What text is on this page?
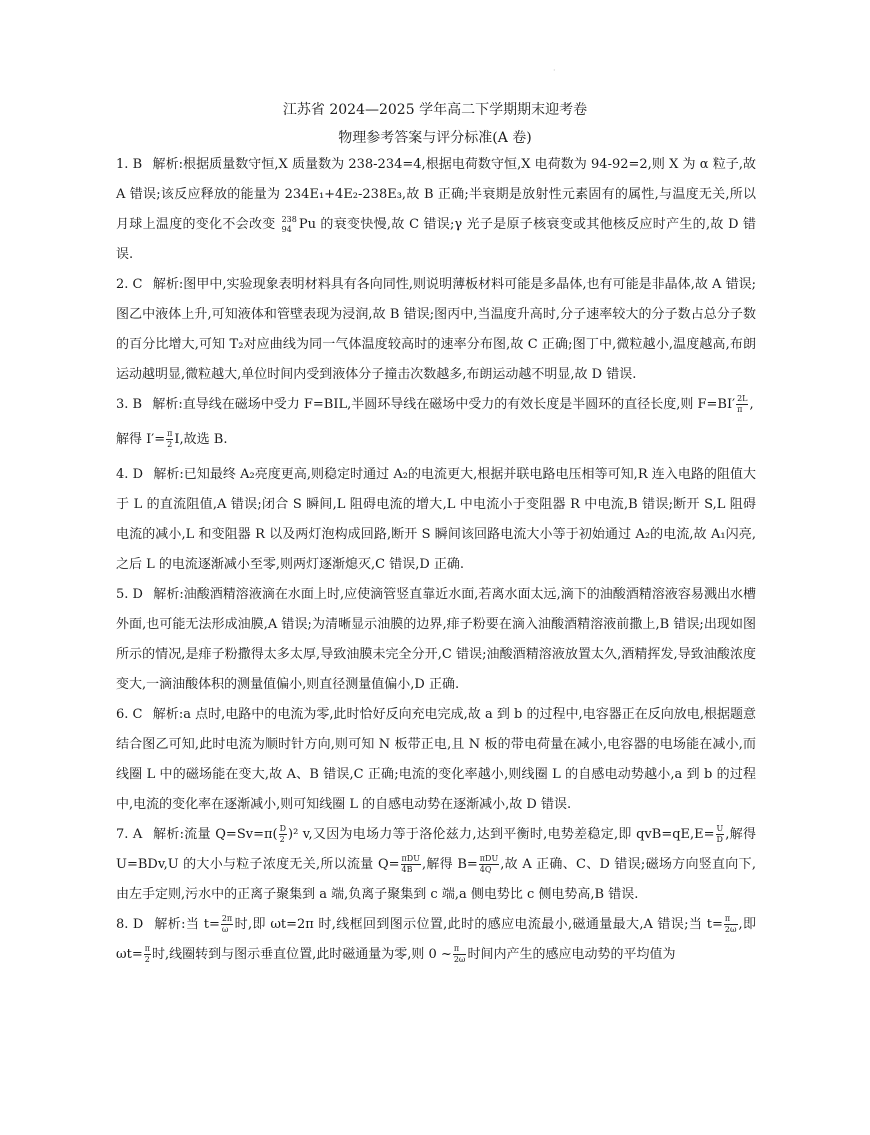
·
江苏省 2024—2025 学年高二下学期期末迎考卷
物理参考答案与评分标准(A 卷)
1. B 解析:根据质量数守恒,X 质量数为 238-234=4,根据电荷数守恒,X 电荷数为 94-92=2,则 X 为 α 粒子,故 A 错误;该反应释放的能量为 234E₁+4E₂-238E₃,故 B 正确;半衰期是放射性元素固有的属性,与温度无关,所以月球上温度的变化不会改变 238
94 Pu 的衰变快慢,故 C 错误;γ 光子是原子核衰变或其他核反应时产生的,故 D 错误.
2. C 解析:图甲中,实验现象表明材料具有各向同性,则说明薄板材料可能是多晶体,也有可能是非晶体,故 A 错误;图乙中液体上升,可知液体和管壁表现为浸润,故 B 错误;图丙中,当温度升高时,分子速率较大的分子数占总分子数的百分比增大,可知 T₂对应曲线为同一气体温度较高时的速率分布图,故 C 正确;图丁中,微粒越小,温度越高,布朗运动越明显,微粒越大,单位时间内受到液体分子撞击次数越多,布朗运动越不明显,故 D 错误.
3. B 解析:直导线在磁场中受力 F=BIL,半圆环导线在磁场中受力的有效长度是半圆环的直径长度,则 $F=BI' \frac{2L}{\pi}$ ,
解得 $I'= \frac{\pi}{2} I$,故选 B.
4. D 解析:已知最终 A₂亮度更高,则稳定时通过 A₂的电流更大,根据并联电路电压相等可知,R 连入电路的阻值大于 L 的直流阻值,A 错误;闭合 S 瞬间,L 阻碍电流的增大,L 中电流小于变阻器 R 中电流,B 错误;断开 S,L 阻碍电流的减小,L 和变阻器 R 以及两灯泡构成回路,断开 S 瞬间该回路电流大小等于初始通过 A₂的电流,故 A₁闪亮,之后 L 的电流逐渐减小至零,则两灯逐渐熄灭,C 错误,D 正确.
5. D 解析:油酸酒精溶液滴在水面上时,应使滴管竖直靠近水面,若离水面太远,滴下的油酸酒精溶液容易溅出水槽外面,也可能无法形成油膜,A 错误;为清晰显示油膜的边界,痱子粉要在滴入油酸酒精溶液前撒上,B 错误;出现如图所示的情况,是痱子粉撒得太多太厚,导致油膜未完全分开,C 错误;油酸酒精溶液放置太久,酒精挥发,导致油酸浓度变大,一滴油酸体积的测量值偏小,则直径测量值偏小,D 正确.
6. C 解析:a 点时,电路中的电流为零,此时恰好反向充电完成,故 a 到 b 的过程中,电容器正在反向放电,根据题意结合图乙可知,此时电流为顺时针方向,则可知 N 板带正电,且 N 板的带电荷量在减小,电容器的电场能在减小,而线圈 L 中的磁场能在变大,故 A、B 错误,C 正确;电流的变化率越小,则线圈 L 的自感电动势越小,a 到 b 的过程中,电流的变化率在逐渐减小,则可知线圈 L 的自感电动势在逐渐减小,故 D 错误.
7. A 解析:流量 $Q=Sv=\pi( \frac{D}{2} )^2$ v,又因为电场力等于洛伦兹力,达到平衡时,电势差稳定,即 $qvB=qE,E= \frac{U}{D}$ ,解得 U=BDv,U 的大小与粒子浓度无关,所以流量 $Q= \frac{\text{πDU}}{4B}$ ,解得 $B= \frac{\text{πDU}}{4Q}$ ,故 A 正确、C、D 错误;磁场方向竖直向下,由左手定则,污水中的正离子聚集到 a 端,负离子聚集到 c 端,a 侧电势比 c 侧电势高,B 错误.
8. D 解析:当 $t= \frac{2\pi}{\omega}$ 时,即 ωt=2π 时,线框回到图示位置,此时的感应电流最小,磁通量最大,A 错误;当 $t= \frac{\pi}{2\omega}$ ,即 $\omega t= \frac{\pi}{2}$ 时,线圈转到与图示垂直位置,此时磁通量为零,则 0 ~ $\frac{\pi}{2\omega}$ 时间内产生的感应电动势的平均值为
